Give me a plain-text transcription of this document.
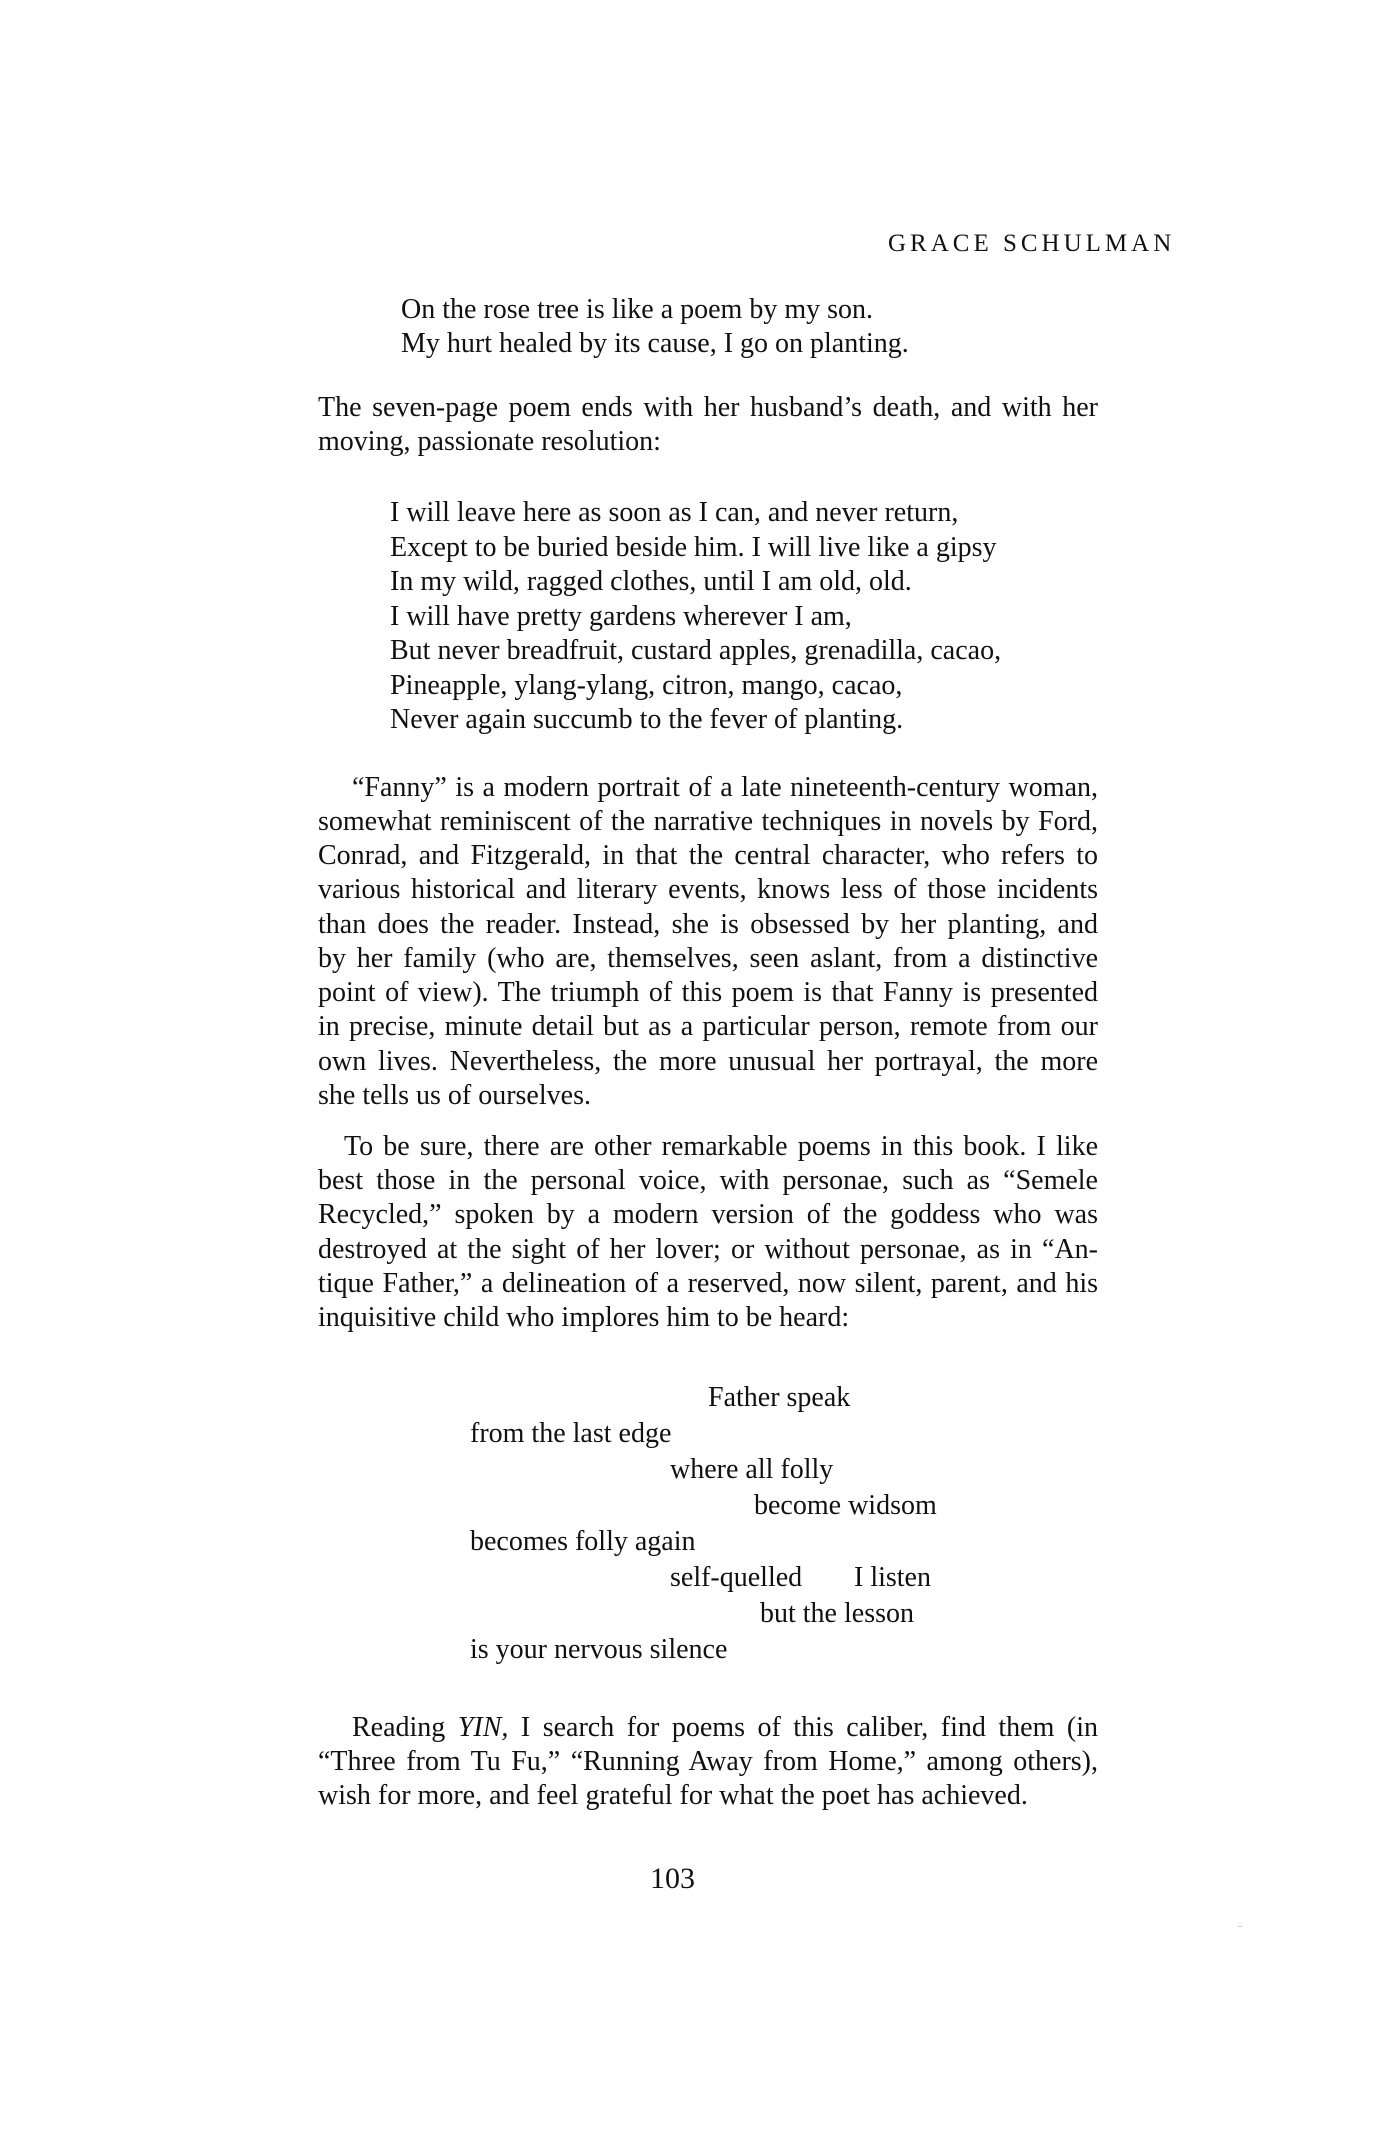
GRACE SCHULMAN
On the rose tree is like a poem by my son.
My hurt healed by its cause, I go on planting.
The seven-page poem ends with her husband’s death, and with her
moving, passionate resolution:
I will leave here as soon as I can, and never return,
Except to be buried beside him. I will live like a gipsy
In my wild, ragged clothes, until I am old, old.
I will have pretty gardens wherever I am,
But never breadfruit, custard apples, grenadilla, cacao,
Pineapple, ylang-ylang, citron, mango, cacao,
Never again succumb to the fever of planting.
“Fanny” is a modern portrait of a late nineteenth-century woman,
somewhat reminiscent of the narrative techniques in novels by Ford,
Conrad, and Fitzgerald, in that the central character, who refers to
various historical and literary events, knows less of those incidents
than does the reader. Instead, she is obsessed by her planting, and
by her family (who are, themselves, seen aslant, from a distinctive
point of view). The triumph of this poem is that Fanny is presented
in precise, minute detail but as a particular person, remote from our
own lives. Nevertheless, the more unusual her portrayal, the more
she tells us of ourselves.
To be sure, there are other remarkable poems in this book. I like
best those in the personal voice, with personae, such as “Semele
Recycled,” spoken by a modern version of the goddess who was
destroyed at the sight of her lover; or without personae, as in “An-
tique Father,” a delineation of a reserved, now silent, parent, and his
inquisitive child who implores him to be heard:
Father speak
from the last edge
where all folly
become widsom
becomes folly again
self-quelled I listen
but the lesson
is your nervous silence
Reading YIN, I search for poems of this caliber, find them (in
“Three from Tu Fu,” “Running Away from Home,” among others),
wish for more, and feel grateful for what the poet has achieved.
103
